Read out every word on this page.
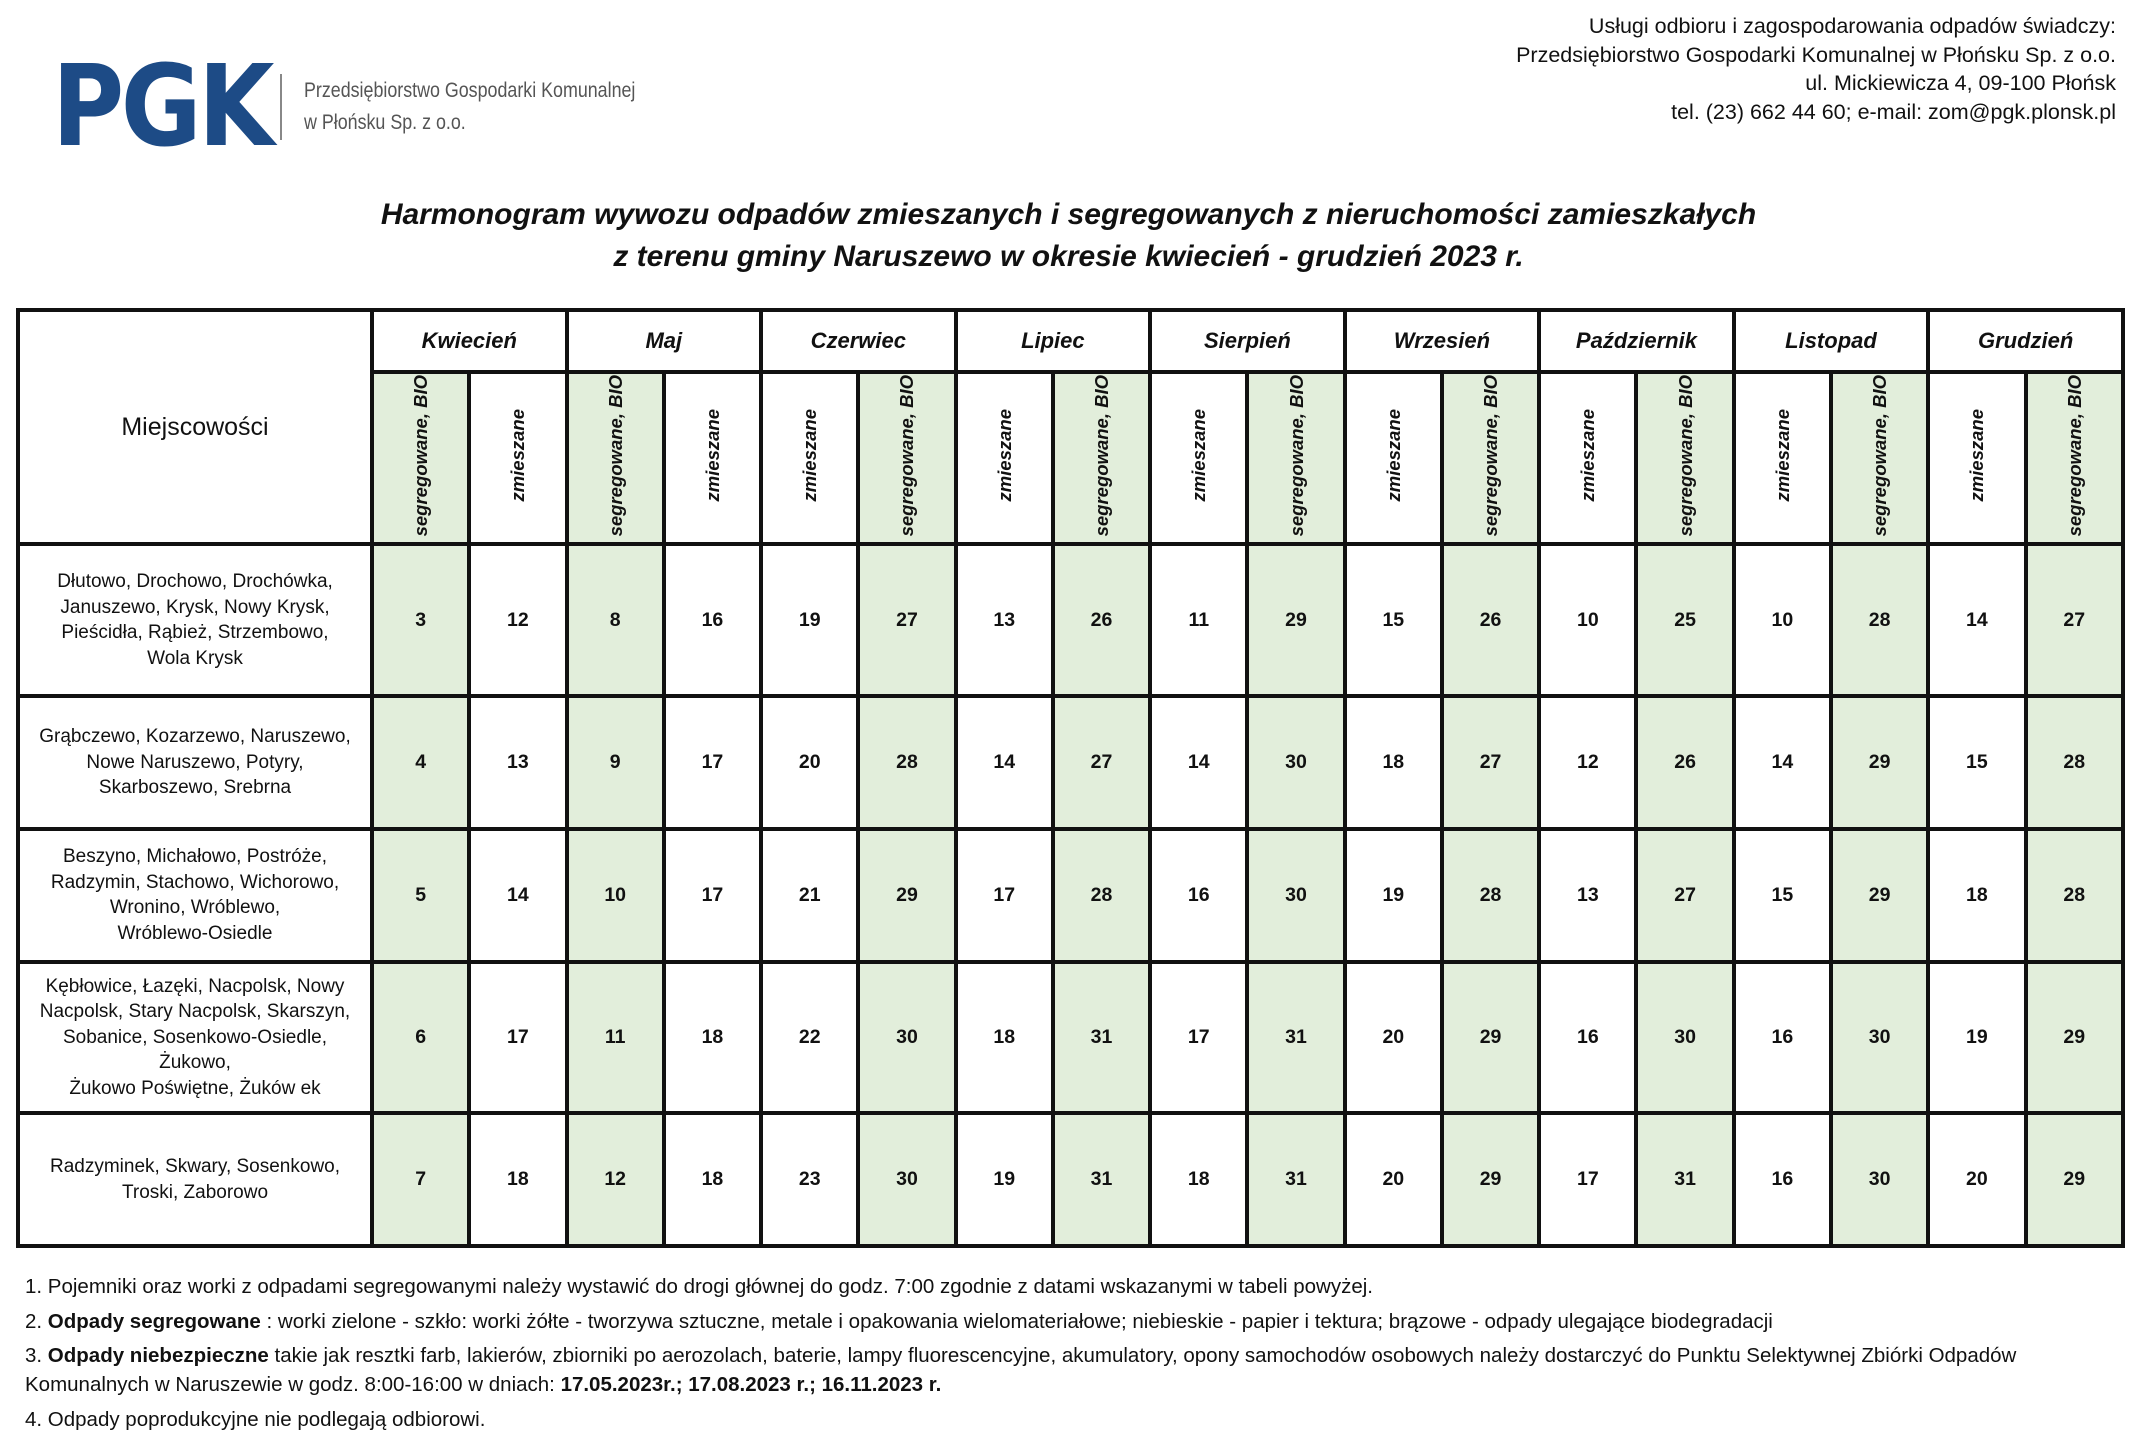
PGK Przedsiębiorstwo Gospodarki Komunalnej
w Płońsku Sp. z o.o.
Usługi odbioru i zagospodarowania odpadów świadczy:
Przedsiębiorstwo Gospodarki Komunalnej w Płońsku Sp. z o.o.
ul. Mickiewicza 4, 09-100 Płońsk
tel. (23) 662 44 60; e-mail: zom@pgk.plonsk.pl
Harmonogram wywozu odpadów zmieszanych i segregowanych z nieruchomości zamieszkałych
z terenu gminy Naruszewo w okresie kwiecień - grudzień 2023 r.
Miejscowości	Kwiecień		Maj		Czerwiec		Lipiec		Sierpień		Wrzesień		Październik		Listopad		Grudzień	
	segregowane, BIO	zmieszane	segregowane, BIO	zmieszane	zmieszane	segregowane, BIO	zmieszane	segregowane, BIO	zmieszane	segregowane, BIO	zmieszane	segregowane, BIO	zmieszane	segregowane, BIO	zmieszane	segregowane, BIO	zmieszane	segregowane, BIO
Dłutowo, Drochowo, Drochówka,
Januszewo, Krysk, Nowy Krysk,
Pieścidła, Rąbież, Strzembowo,
Wola Krysk	3	12	8	16	19	27	13	26	11	29	15	26	10	25	10	28	14	27
Grąbczewo, Kozarzewo, Naruszewo,
Nowe Naruszewo, Potyry,
Skarboszewo, Srebrna	4	13	9	17	20	28	14	27	14	30	18	27	12	26	14	29	15	28
Beszyno, Michałowo, Postróże,
Radzymin, Stachowo, Wichorowo,
Wronino, Wróblewo,
Wróblewo-Osiedle	5	14	10	17	21	29	17	28	16	30	19	28	13	27	15	29	18	28
Kębłowice, Łazęki, Nacpolsk, Nowy
Nacpolsk, Stary Nacpolsk, Skarszyn,
Sobanice, Sosenkowo-Osiedle,
Żukowo,
Żukowo Poświętne, Żuków ek	6	17	11	18	22	30	18	31	17	31	20	29	16	30	16	30	19	29
Radzyminek, Skwary, Sosenkowo,
Troski, Zaborowo	7	18	12	18	23	30	19	31	18	31	20	29	17	31	16	30	20	29
1. Pojemniki oraz worki z odpadami segregowanymi należy wystawić do drogi głównej do godz. 7:00 zgodnie z datami wskazanymi w tabeli powyżej.
2. Odpady segregowane : worki zielone - szkło: worki żółte - tworzywa sztuczne, metale i opakowania wielomateriałowe; niebieskie - papier i tektura; brązowe - odpady ulegające biodegradacji
3. Odpady niebezpieczne takie jak resztki farb, lakierów, zbiorniki po aerozolach, baterie, lampy fluorescencyjne, akumulatory, opony samochodów osobowych należy dostarczyć do Punktu Selektywnej Zbiórki Odpadów Komunalnych w Naruszewie w godz. 8:00-16:00 w dniach: 17.05.2023r.; 17.08.2023 r.; 16.11.2023 r.
4. Odpady poprodukcyjne nie podlegają odbiorowi.
